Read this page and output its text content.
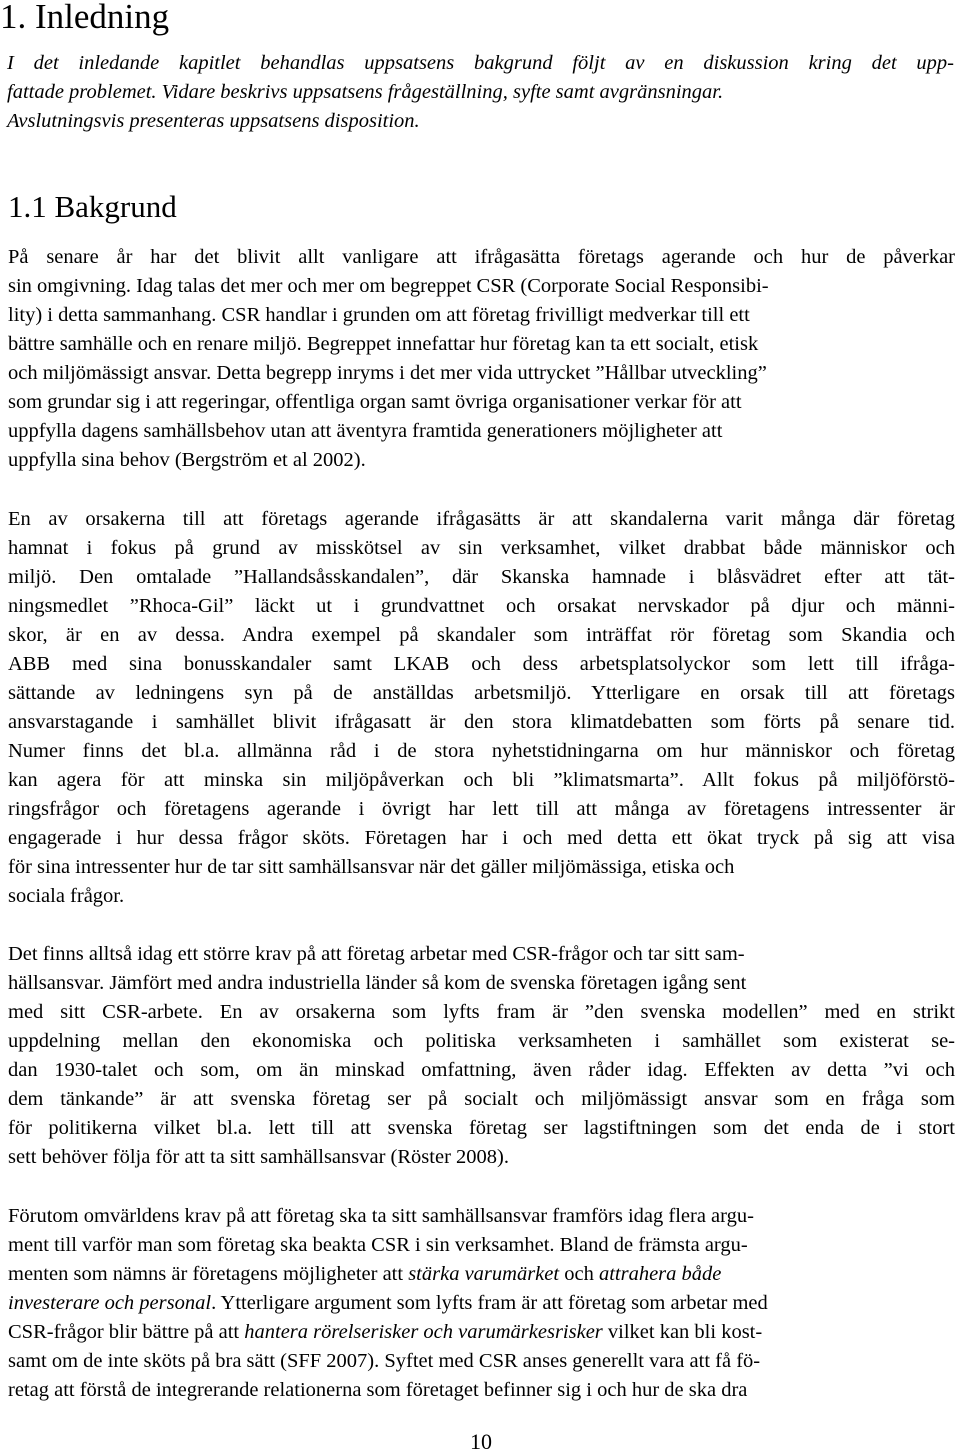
1. Inledning

I det inledande kapitlet behandlas uppsatsens bakgrund följt av en diskussion kring det upp-

fattade problemet. Vidare beskrivs uppsatsens frågeställning, syfte samt avgränsningar.

Avslutningsvis presenteras uppsatsens disposition.

1.1 Bakgrund

På senare år har det blivit allt vanligare att ifrågasätta företags agerande och hur de påverkar

sin omgivning. Idag talas det mer och mer om begreppet CSR (Corporate Social Responsibi-

lity) i detta sammanhang. CSR handlar i grunden om att företag frivilligt medverkar till ett

bättre samhälle och en renare miljö. Begreppet innefattar hur företag kan ta ett socialt, etisk

och miljömässigt ansvar. Detta begrepp inryms i det mer vida uttrycket ”Hållbar utveckling”

som grundar sig i att regeringar, offentliga organ samt övriga organisationer verkar för att

uppfylla dagens samhällsbehov utan att äventyra framtida generationers möjligheter att

uppfylla sina behov (Bergström et al 2002).

En av orsakerna till att företags agerande ifrågasätts är att skandalerna varit många där företag

hamnat i fokus på grund av misskötsel av sin verksamhet, vilket drabbat både människor och

miljö. Den omtalade ”Hallandsåsskandalen”, där Skanska hamnade i blåsvädret efter att tät-

ningsmedlet ”Rhoca-Gil” läckt ut i grundvattnet och orsakat nervskador på djur och männi-

skor, är en av dessa. Andra exempel på skandaler som inträffat rör företag som Skandia och

ABB med sina bonusskandaler samt LKAB och dess arbetsplatsolyckor som lett till ifråga-

sättande av ledningens syn på de anställdas arbetsmiljö. Ytterligare en orsak till att företags

ansvarstagande i samhället blivit ifrågasatt är den stora klimatdebatten som förts på senare tid.

Numer finns det bl.a. allmänna råd i de stora nyhetstidningarna om hur människor och företag

kan agera för att minska sin miljöpåverkan och bli ”klimatsmarta”. Allt fokus på miljöförstö-

ringsfrågor och företagens agerande i övrigt har lett till att många av företagens intressenter är

engagerade i hur dessa frågor sköts. Företagen har i och med detta ett ökat tryck på sig att visa

för sina intressenter hur de tar sitt samhällsansvar när det gäller miljömässiga, etiska och

sociala frågor.

Det finns alltså idag ett större krav på att företag arbetar med CSR-frågor och tar sitt sam-

hällsansvar. Jämfört med andra industriella länder så kom de svenska företagen igång sent

med sitt CSR-arbete. En av orsakerna som lyfts fram är ”den svenska modellen” med en strikt

uppdelning mellan den ekonomiska och politiska verksamheten i samhället som existerat se-

dan 1930-talet och som, om än minskad omfattning, även råder idag. Effekten av detta ”vi och

dem tänkande” är att svenska företag ser på socialt och miljömässigt ansvar som en fråga som

för politikerna vilket bl.a. lett till att svenska företag ser lagstiftningen som det enda de i stort

sett behöver följa för att ta sitt samhällsansvar (Röster 2008).

Förutom omvärldens krav på att företag ska ta sitt samhällsansvar framförs idag flera argu-

ment till varför man som företag ska beakta CSR i sin verksamhet. Bland de främsta argu-

menten som nämns är företagens möjligheter att stärka varumärket och attrahera både

investerare och personal. Ytterligare argument som lyfts fram är att företag som arbetar med

CSR-frågor blir bättre på att hantera rörelserisker och varumärkesrisker vilket kan bli kost-

samt om de inte sköts på bra sätt (SFF 2007). Syftet med CSR anses generellt vara att få fö-

retag att förstå de integrerande relationerna som företaget befinner sig i och hur de ska dra

10
